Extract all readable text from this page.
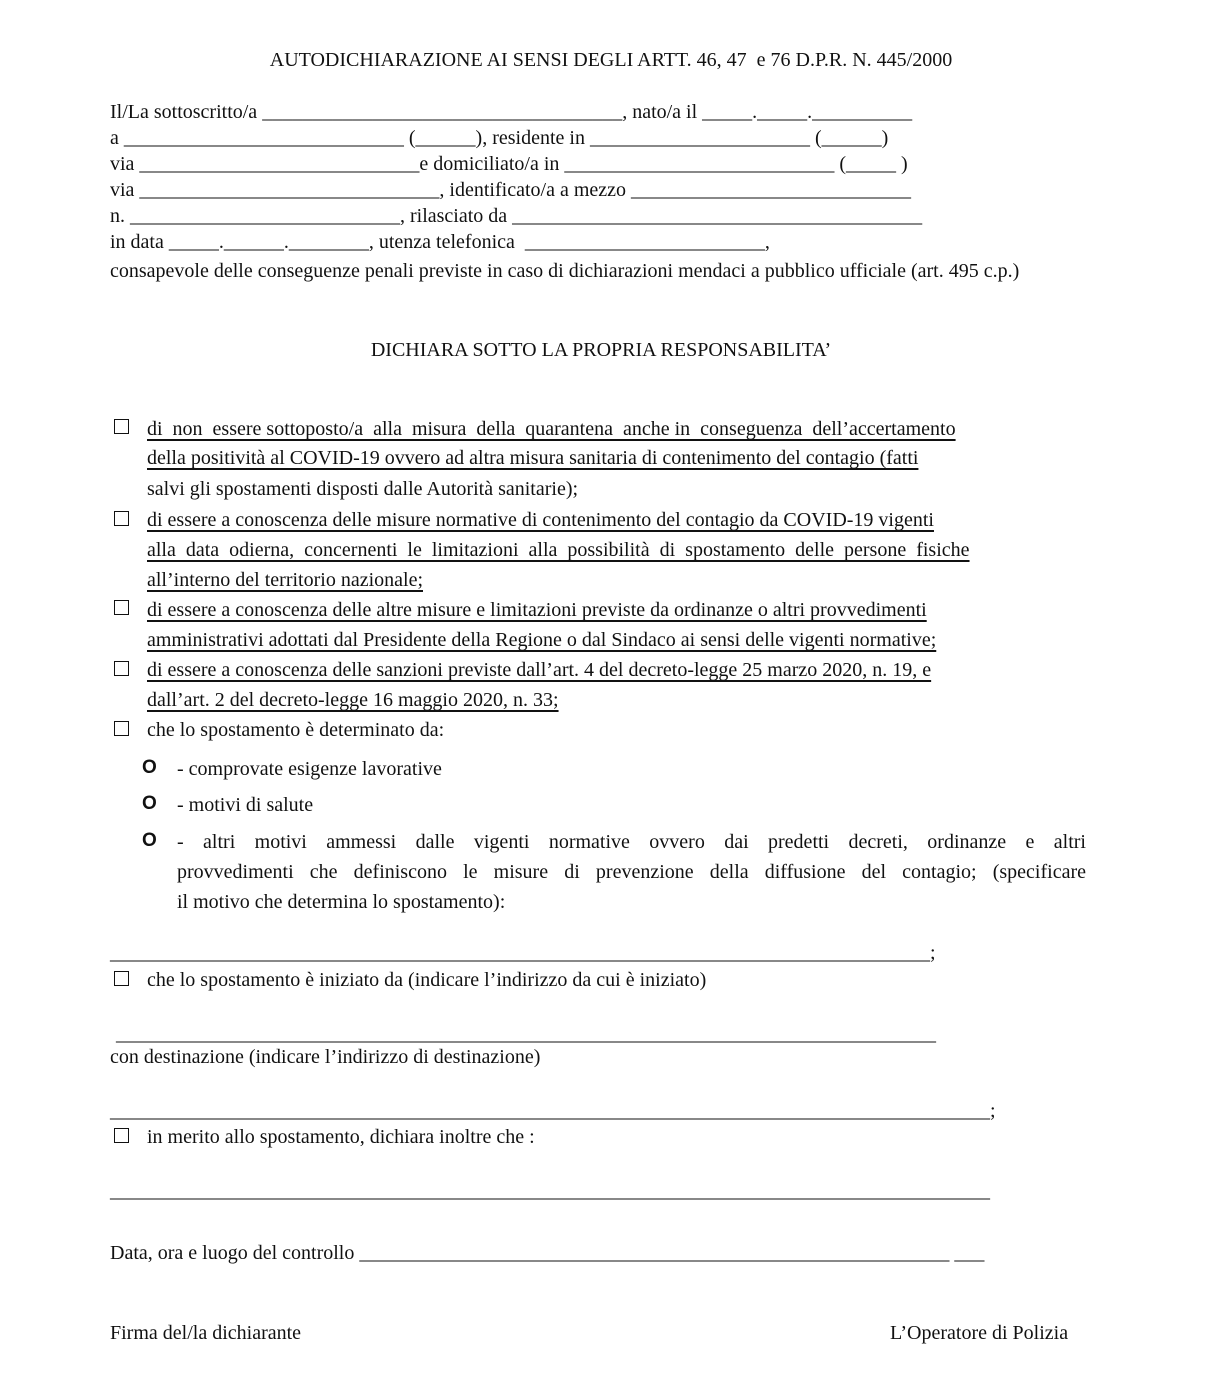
AUTODICHIARAZIONE AI SENSI DEGLI ARTT. 46, 47  e 76 D.P.R. N. 445/2000
Il/La sottoscritto/a ____________________________________, nato/a il _____._____.__________
a ____________________________ (______), residente in ______________________ (______)
via ____________________________e domiciliato/a in ___________________________ (_____ )
via ______________________________, identificato/a a mezzo ____________________________
n. ___________________________, rilasciato da _________________________________________
in data _____.______.________, utenza telefonica  ________________________,
consapevole delle conseguenze penali previste in caso di dichiarazioni mendaci a pubblico ufficiale (art. 495 c.p.)
DICHIARA SOTTO LA PROPRIA RESPONSABILITA’
di  non  essere sottoposto/a  alla  misura  della  quarantena  anche in  conseguenza  dell’accertamento
della positività al COVID-19 ovvero ad altra misura sanitaria di contenimento del contagio (fatti
salvi gli spostamenti disposti dalle Autorità sanitarie);
di essere a conoscenza delle misure normative di contenimento del contagio da COVID-19 vigenti
alla  data  odierna,  concernenti  le  limitazioni  alla  possibilità  di  spostamento  delle  persone  fisiche
all’interno del territorio nazionale;
di essere a conoscenza delle altre misure e limitazioni previste da ordinanze o altri provvedimenti
amministrativi adottati dal Presidente della Regione o dal Sindaco ai sensi delle vigenti normative;
di essere a conoscenza delle sanzioni previste dall’art. 4 del decreto-legge 25 marzo 2020, n. 19, e
dall’art. 2 del decreto-legge 16 maggio 2020, n. 33;
che lo spostamento è determinato da:
O - comprovate esigenze lavorative
O - motivi di salute
O - altri motivi ammessi dalle vigenti normative ovvero dai predetti decreti, ordinanze e altri
provvedimenti che definiscono le misure di prevenzione della diffusione del contagio; (specificare
il motivo che determina lo spostamento):
__________________________________________________________________________________;
che lo spostamento è iniziato da (indicare l’indirizzo da cui è iniziato)
__________________________________________________________________________________
con destinazione (indicare l’indirizzo di destinazione)
________________________________________________________________________________________;
in merito allo spostamento, dichiara inoltre che :
________________________________________________________________________________________
Data, ora e luogo del controllo ___________________________________________________________ ___
Firma del/la dichiarante	L’Operatore di Polizia
